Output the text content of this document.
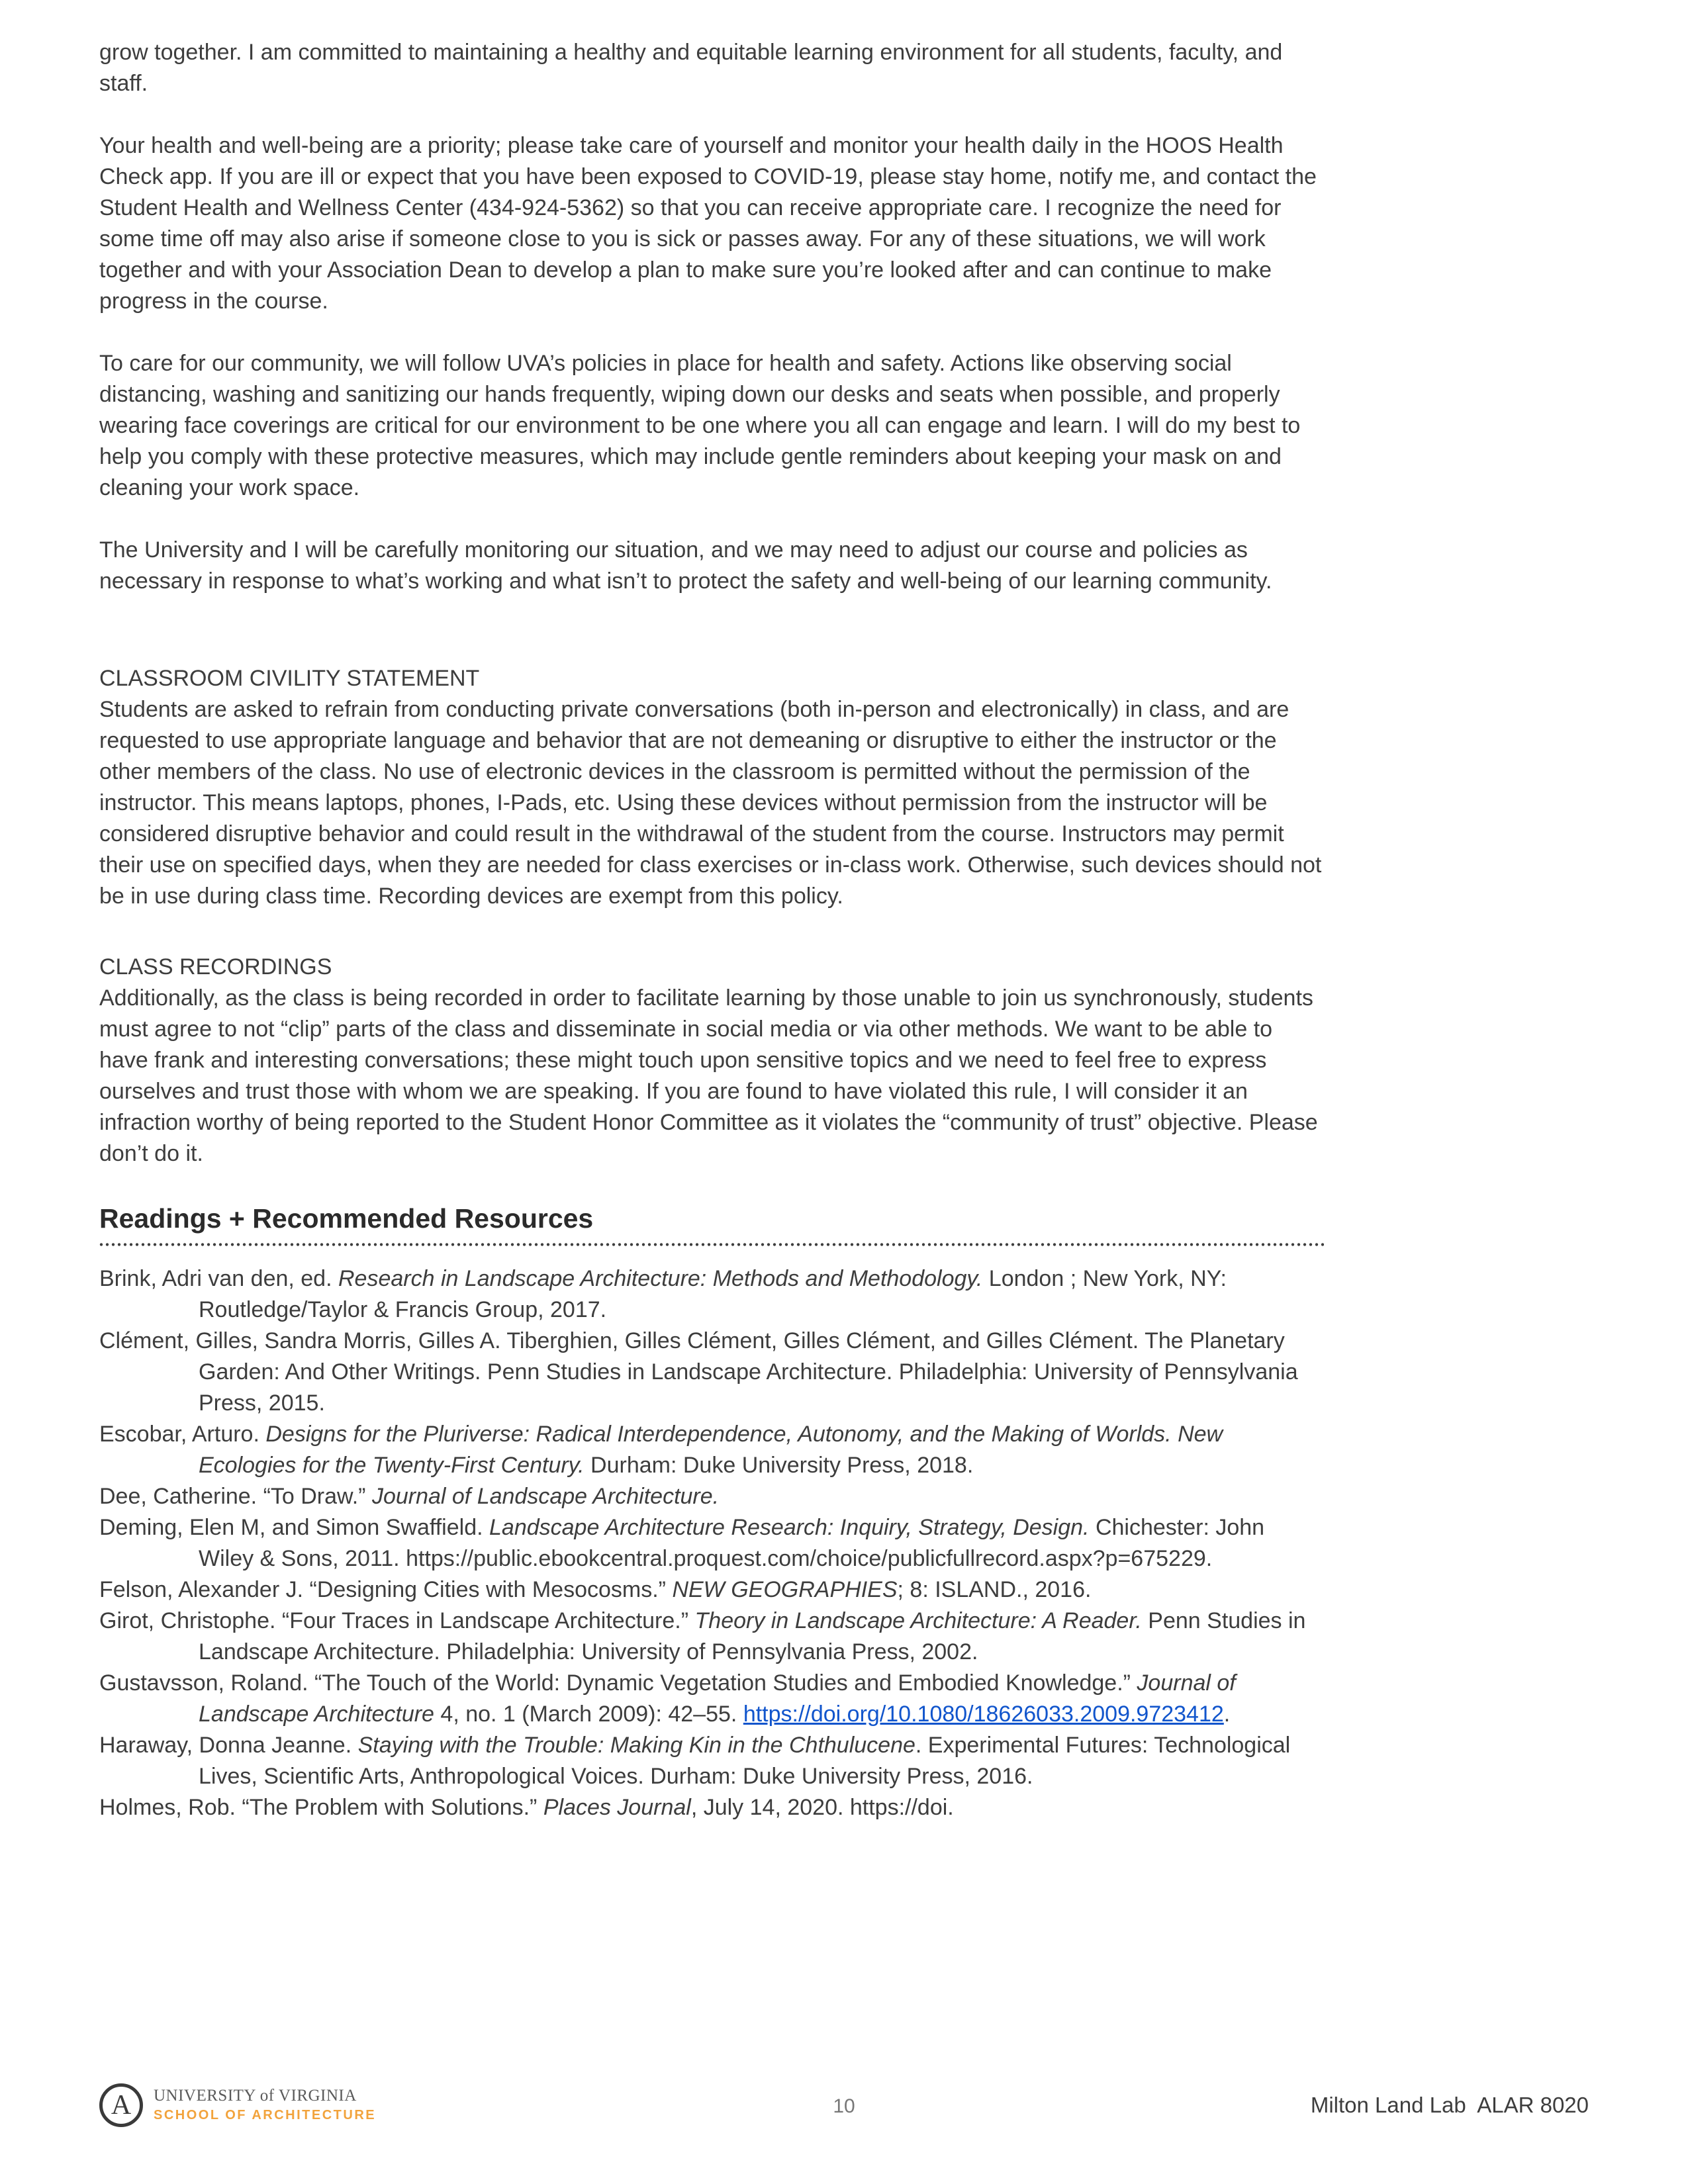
grow together. I am committed to maintaining a healthy and equitable learning environment for all students, faculty, and staff.

Your health and well-being are a priority; please take care of yourself and monitor your health daily in the HOOS Health Check app. If you are ill or expect that you have been exposed to COVID-19, please stay home, notify me, and contact the Student Health and Wellness Center (434-924-5362) so that you can receive appropriate care. I recognize the need for some time off may also arise if someone close to you is sick or passes away. For any of these situations, we will work together and with your Association Dean to develop a plan to make sure you’re looked after and can continue to make progress in the course.

To care for our community, we will follow UVA’s policies in place for health and safety. Actions like observing social distancing, washing and sanitizing our hands frequently, wiping down our desks and seats when possible, and properly wearing face coverings are critical for our environment to be one where you all can engage and learn. I will do my best to help you comply with these protective measures, which may include gentle reminders about keeping your mask on and cleaning your work space.

The University and I will be carefully monitoring our situation, and we may need to adjust our course and policies as necessary in response to what’s working and what isn’t to protect the safety and well-being of our learning community.

CLASSROOM CIVILITY STATEMENT

Students are asked to refrain from conducting private conversations (both in-person and electronically) in class, and are requested to use appropriate language and behavior that are not demeaning or disruptive to either the instructor or the other members of the class. No use of electronic devices in the classroom is permitted without the permission of the instructor. This means laptops, phones, I-Pads, etc. Using these devices without permission from the instructor will be considered disruptive behavior and could result in the withdrawal of the student from the course. Instructors may permit their use on specified days, when they are needed for class exercises or in-class work. Otherwise, such devices should not be in use during class time. Recording devices are exempt from this policy.

CLASS RECORDINGS

Additionally, as the class is being recorded in order to facilitate learning by those unable to join us synchronously, students must agree to not “clip” parts of the class and disseminate in social media or via other methods. We want to be able to have frank and interesting conversations; these might touch upon sensitive topics and we need to feel free to express ourselves and trust those with whom we are speaking. If you are found to have violated this rule, I will consider it an infraction worthy of being reported to the Student Honor Committee as it violates the “community of trust” objective. Please don’t do it.

Readings + Recommended Resources
Brink, Adri van den, ed. Research in Landscape Architecture: Methods and Methodology. London ; New York, NY: Routledge/Taylor & Francis Group, 2017.
Clément, Gilles, Sandra Morris, Gilles A. Tiberghien, Gilles Clément, Gilles Clément, and Gilles Clément. The Planetary Garden: And Other Writings. Penn Studies in Landscape Architecture. Philadelphia: University of Pennsylvania Press, 2015.
Escobar, Arturo. Designs for the Pluriverse: Radical Interdependence, Autonomy, and the Making of Worlds. New Ecologies for the Twenty-First Century. Durham: Duke University Press, 2018.
Dee, Catherine. “To Draw.” Journal of Landscape Architecture.
Deming, Elen M, and Simon Swaffield. Landscape Architecture Research: Inquiry, Strategy, Design. Chichester: John Wiley & Sons, 2011. https://public.ebookcentral.proquest.com/choice/publicfullrecord.aspx?p=675229.
Felson, Alexander J. “Designing Cities with Mesocosms.” NEW GEOGRAPHIES; 8: ISLAND., 2016.
Girot, Christophe. “Four Traces in Landscape Architecture.” Theory in Landscape Architecture: A Reader. Penn Studies in Landscape Architecture. Philadelphia: University of Pennsylvania Press, 2002.
Gustavsson, Roland. “The Touch of the World: Dynamic Vegetation Studies and Embodied Knowledge.” Journal of Landscape Architecture 4, no. 1 (March 2009): 42–55. https://doi.org/10.1080/18626033.2009.9723412.
Haraway, Donna Jeanne. Staying with the Trouble: Making Kin in the Chthulucene. Experimental Futures: Technological Lives, Scientific Arts, Anthropological Voices. Durham: Duke University Press, 2016.
Holmes, Rob. “The Problem with Solutions.” Places Journal, July 14, 2020. https://doi.
A UNIVERSITY of VIRGINIA
SCHOOL OF ARCHITECTURE	10	Milton Land Lab  ALAR 8020
